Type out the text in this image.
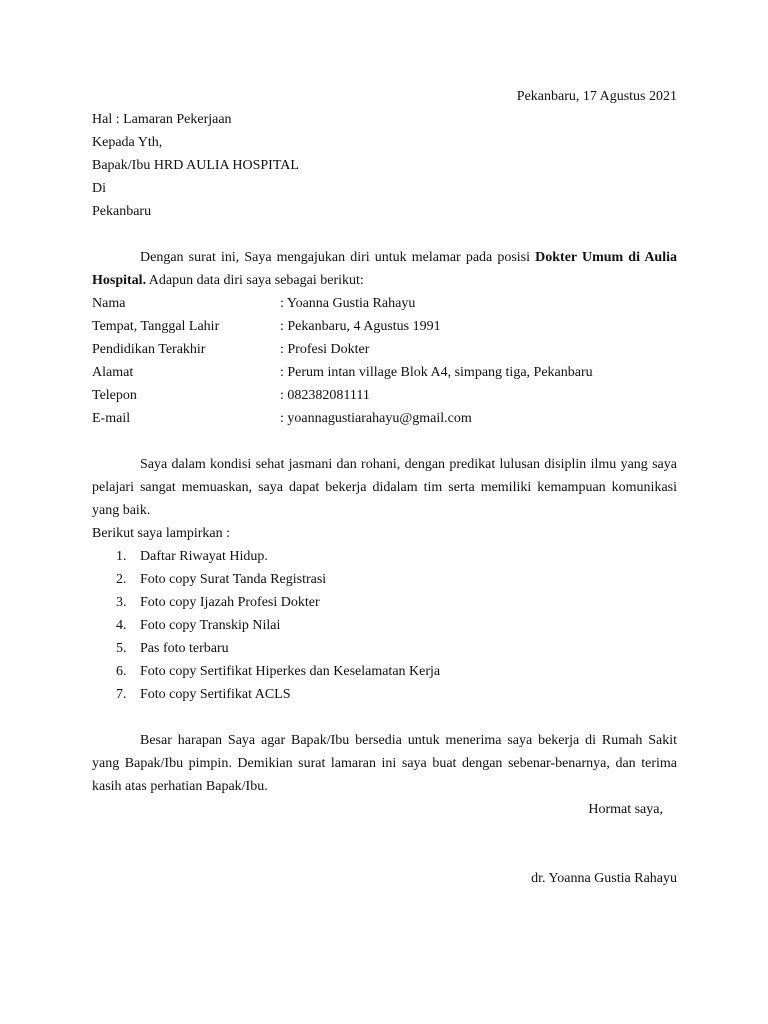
Pekanbaru, 17 Agustus 2021
Hal : Lamaran Pekerjaan
Kepada Yth,
Bapak/Ibu HRD AULIA HOSPITAL
Di
Pekanbaru

Dengan surat ini, Saya mengajukan diri untuk melamar pada posisi Dokter Umum di Aulia Hospital. Adapun data diri saya sebagai berikut:

Nama	: Yoanna Gustia Rahayu
Tempat, Tanggal Lahir	: Pekanbaru, 4 Agustus 1991
Pendidikan Terakhir	: Profesi Dokter
Alamat	: Perum intan village Blok A4, simpang tiga, Pekanbaru
Telepon	: 082382081111
E-mail	: yoannagustiarahayu@gmail.com

Saya dalam kondisi sehat jasmani dan rohani, dengan predikat lulusan disiplin ilmu yang saya pelajari sangat memuaskan, saya dapat bekerja didalam tim serta memiliki kemampuan komunikasi yang baik.

Berikut saya lampirkan :
1. Daftar Riwayat Hidup.
2. Foto copy Surat Tanda Registrasi
3. Foto copy Ijazah Profesi Dokter
4. Foto copy Transkip Nilai
5. Pas foto terbaru
6. Foto copy Sertifikat Hiperkes dan Keselamatan Kerja
7. Foto copy Sertifikat ACLS

Besar harapan Saya agar Bapak/Ibu bersedia untuk menerima saya bekerja di Rumah Sakit yang Bapak/Ibu pimpin. Demikian surat lamaran ini saya buat dengan sebenar-benarnya, dan terima kasih atas perhatian Bapak/Ibu.

Hormat saya,
dr. Yoanna Gustia Rahayu
